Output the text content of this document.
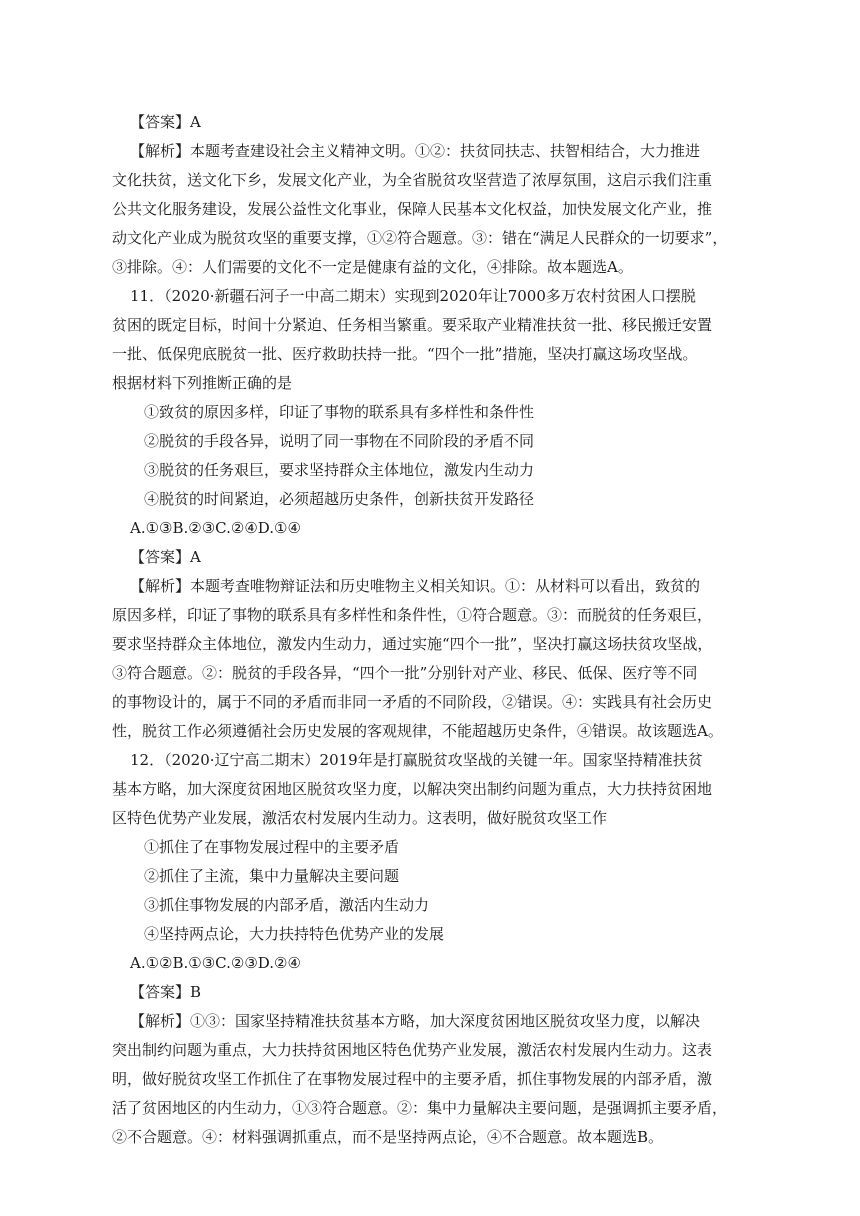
【答案】A
【解析】本题考查建设社会主义精神文明。①②：扶贫同扶志、扶智相结合，大力推进
文化扶贫，送文化下乡，发展文化产业，为全省脱贫攻坚营造了浓厚氛围，这启示我们注重
公共文化服务建设，发展公益性文化事业，保障人民基本文化权益，加快发展文化产业，推
动文化产业成为脱贫攻坚的重要支撑，①②符合题意。③：错在“满足人民群众的一切要求”，
③排除。④：人们需要的文化不一定是健康有益的文化，④排除。故本题选A。
11．（2020·新疆石河子一中高二期末）实现到2020年让7000多万农村贫困人口摆脱
贫困的既定目标，时间十分紧迫、任务相当繁重。要采取产业精准扶贫一批、移民搬迁安置
一批、低保兜底脱贫一批、医疗救助扶持一批。“四个一批”措施，坚决打赢这场攻坚战。
根据材料下列推断正确的是
①致贫的原因多样，印证了事物的联系具有多样性和条件性
②脱贫的手段各异，说明了同一事物在不同阶段的矛盾不同
③脱贫的任务艰巨，要求坚持群众主体地位，激发内生动力
④脱贫的时间紧迫，必须超越历史条件，创新扶贫开发路径
A.①③B.②③C.②④D.①④
【答案】A
【解析】本题考查唯物辩证法和历史唯物主义相关知识。①：从材料可以看出，致贫的
原因多样，印证了事物的联系具有多样性和条件性，①符合题意。③：而脱贫的任务艰巨，
要求坚持群众主体地位，激发内生动力，通过实施“四个一批”，坚决打赢这场扶贫攻坚战，
③符合题意。②：脱贫的手段各异，“四个一批”分别针对产业、移民、低保、医疗等不同
的事物设计的，属于不同的矛盾而非同一矛盾的不同阶段，②错误。④：实践具有社会历史
性，脱贫工作必须遵循社会历史发展的客观规律，不能超越历史条件，④错误。故该题选A。
12．（2020·辽宁高二期末）2019年是打赢脱贫攻坚战的关键一年。国家坚持精准扶贫
基本方略，加大深度贫困地区脱贫攻坚力度，以解决突出制约问题为重点，大力扶持贫困地
区特色优势产业发展，激活农村发展内生动力。这表明，做好脱贫攻坚工作
①抓住了在事物发展过程中的主要矛盾
②抓住了主流，集中力量解决主要问题
③抓住事物发展的内部矛盾，激活内生动力
④坚持两点论，大力扶持特色优势产业的发展
A.①②B.①③C.②③D.②④
【答案】B
【解析】①③：国家坚持精准扶贫基本方略，加大深度贫困地区脱贫攻坚力度，以解决
突出制约问题为重点，大力扶持贫困地区特色优势产业发展，激活农村发展内生动力。这表
明，做好脱贫攻坚工作抓住了在事物发展过程中的主要矛盾，抓住事物发展的内部矛盾，激
活了贫困地区的内生动力，①③符合题意。②：集中力量解决主要问题，是强调抓主要矛盾，
②不合题意。④：材料强调抓重点，而不是坚持两点论，④不合题意。故本题选B。
